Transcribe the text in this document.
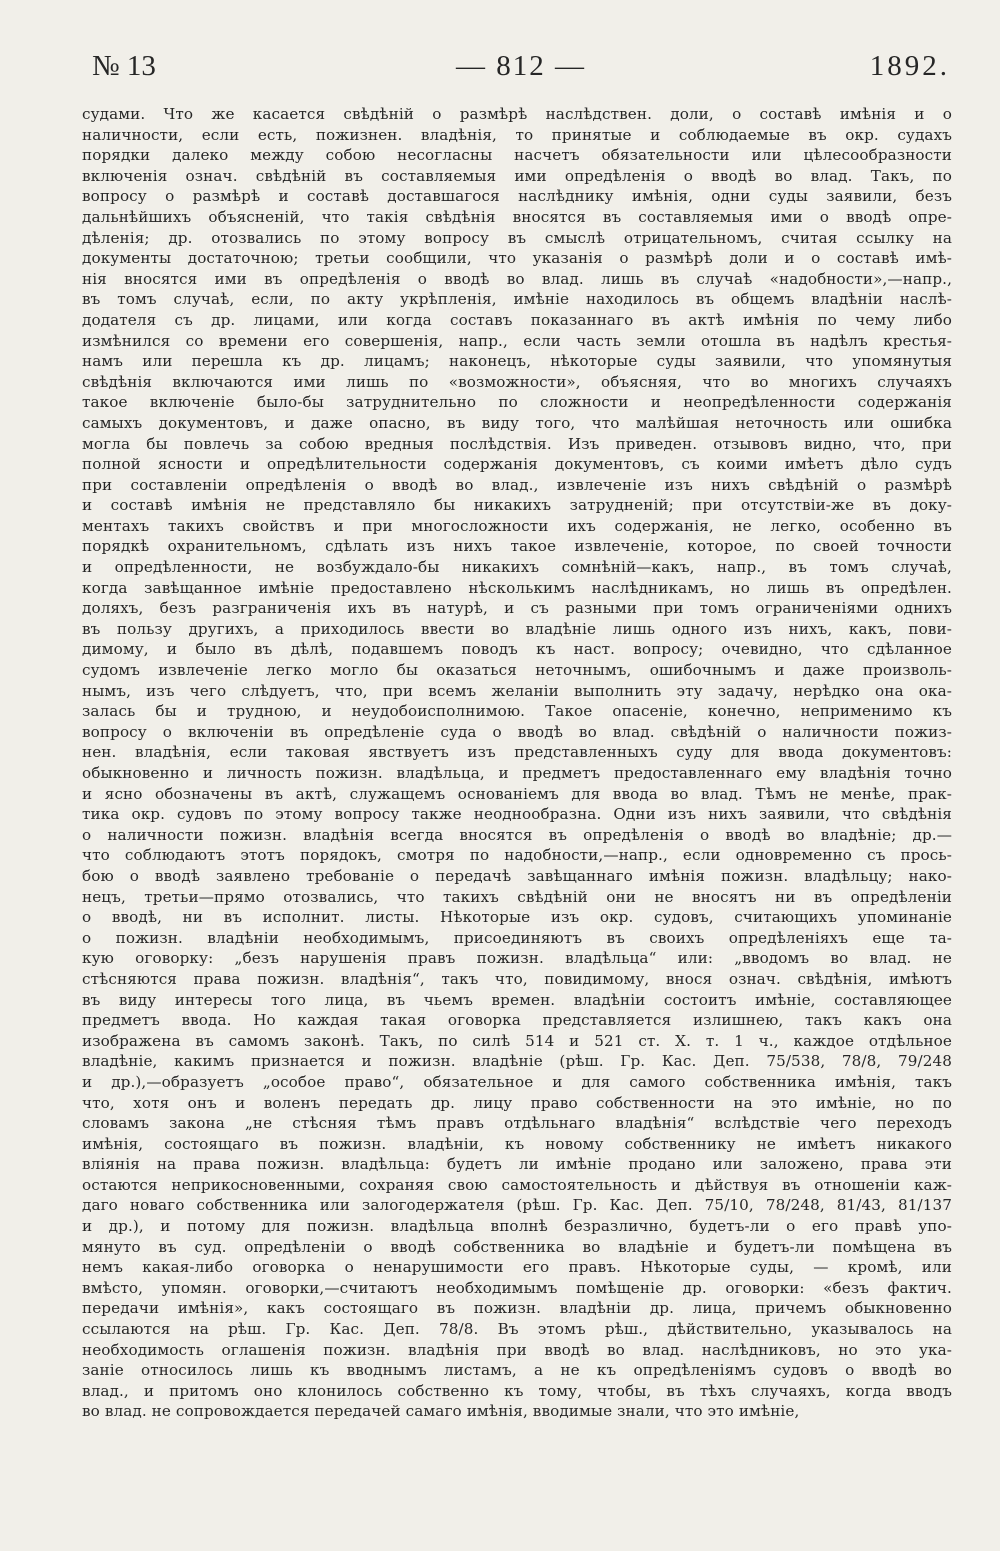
№ 13	— 812 —	1892.
судами. Что же касается свѣдѣній о размѣрѣ наслѣдствен. доли, о составѣ имѣнія и о
наличности, если есть, пожизнен. владѣнія, то принятые и соблюдаемые въ окр. судахъ
порядки далеко между собою несогласны насчетъ обязательности или цѣлесообразности
включенія означ. свѣдѣній въ составляемыя ими опредѣленія о вводѣ во влад. Такъ, по
вопросу о размѣрѣ и составѣ доставшагося наслѣднику имѣнія, одни суды заявили, безъ
дальнѣйшихъ объясненій, что такія свѣдѣнія вносятся въ составляемыя ими о вводѣ опре-
дѣленія; др. отозвались по этому вопросу въ смыслѣ отрицательномъ, считая ссылку на
документы достаточною; третьи сообщили, что указанія о размѣрѣ доли и о составѣ имѣ-
нія вносятся ими въ опредѣленія о вводѣ во влад. лишь въ случаѣ «надобности»,—напр.,
въ томъ случаѣ, если, по акту укрѣпленія, имѣніе находилось въ общемъ владѣніи наслѣ-
додателя съ др. лицами, или когда составъ показаннаго въ актѣ имѣнія по чему либо
измѣнился со времени его совершенія, напр., если часть земли отошла въ надѣлъ крестья-
намъ или перешла къ др. лицамъ; наконецъ, нѣкоторые суды заявили, что упомянутыя
свѣдѣнія включаются ими лишь по «возможности», объясняя, что во многихъ случаяхъ
такое включеніе было-бы затруднительно по сложности и неопредѣленности содержанія
самыхъ документовъ, и даже опасно, въ виду того, что малѣйшая неточность или ошибка
могла бы повлечь за собою вредныя послѣдствія. Изъ приведен. отзывовъ видно, что, при
полной ясности и опредѣлительности содержанія документовъ, съ коими имѣетъ дѣло судъ
при составленіи опредѣленія о вводѣ во влад., извлеченіе изъ нихъ свѣдѣній о размѣрѣ
и составѣ имѣнія не представляло бы никакихъ затрудненій; при отсутствіи-же въ доку-
ментахъ такихъ свойствъ и при многосложности ихъ содержанія, не легко, особенно въ
порядкѣ охранительномъ, сдѣлать изъ нихъ такое извлеченіе, которое, по своей точности
и опредѣленности, не возбуждало-бы никакихъ сомнѣній—какъ, напр., въ томъ случаѣ,
когда завѣщанное имѣніе предоставлено нѣсколькимъ наслѣдникамъ, но лишь въ опредѣлен.
доляхъ, безъ разграниченія ихъ въ натурѣ, и съ разными при томъ ограниченіями однихъ
въ пользу другихъ, а приходилось ввести во владѣніе лишь одного изъ нихъ, какъ, пови-
димому, и было въ дѣлѣ, подавшемъ поводъ къ наст. вопросу; очевидно, что сдѣланное
судомъ извлеченіе легко могло бы оказаться неточнымъ, ошибочнымъ и даже произволь-
нымъ, изъ чего слѣдуетъ, что, при всемъ желаніи выполнить эту задачу, нерѣдко она ока-
залась бы и трудною, и неудобоисполнимою. Такое опасеніе, конечно, неприменимо къ
вопросу о включеніи въ опредѣленіе суда о вводѣ во влад. свѣдѣній о наличности пожиз-
нен. владѣнія, если таковая явствуетъ изъ представленныхъ суду для ввода документовъ:
обыкновенно и личность пожизн. владѣльца, и предметъ предоставленнаго ему владѣнія точно
и ясно обозначены въ актѣ, служащемъ основаніемъ для ввода во влад. Тѣмъ не менѣе, прак-
тика окр. судовъ по этому вопросу также неоднообразна. Одни изъ нихъ заявили, что свѣдѣнія
о наличности пожизн. владѣнія всегда вносятся въ опредѣленія о вводѣ во владѣніе; др.—
что соблюдаютъ этотъ порядокъ, смотря по надобности,—напр., если одновременно съ прось-
бою о вводѣ заявлено требованіе о передачѣ завѣщаннаго имѣнія пожизн. владѣльцу; нако-
нецъ, третьи—прямо отозвались, что такихъ свѣдѣній они не вносятъ ни въ опредѣленіи
о вводѣ, ни въ исполнит. листы. Нѣкоторые изъ окр. судовъ, считающихъ упоминаніе
о пожизн. владѣніи необходимымъ, присоединяютъ въ своихъ опредѣленіяхъ еще та-
кую оговорку: „безъ нарушенія правъ пожизн. владѣльца“ или: „вводомъ во влад. не
стѣсняются права пожизн. владѣнія“, такъ что, повидимому, внося означ. свѣдѣнія, имѣютъ
въ виду интересы того лица, въ чьемъ времен. владѣніи состоитъ имѣніе, составляющее
предметъ ввода. Но каждая такая оговорка представляется излишнею, такъ какъ она
изображена въ самомъ законѣ. Такъ, по силѣ 514 и 521 ст. X. т. 1 ч., каждое отдѣльное
владѣніе, какимъ признается и пожизн. владѣніе (рѣш. Гр. Кас. Деп. 75/538, 78/8, 79/248
и др.),—образуетъ „особое право“, обязательное и для самого собственника имѣнія, такъ
что, хотя онъ и воленъ передать др. лицу право собственности на это имѣніе, но по
словамъ закона „не стѣсняя тѣмъ правъ отдѣльнаго владѣнія“ вслѣдствіе чего переходъ
имѣнія, состоящаго въ пожизн. владѣніи, къ новому собственнику не имѣетъ никакого
вліянія на права пожизн. владѣльца: будетъ ли имѣніе продано или заложено, права эти
остаются неприкосновенными, сохраняя свою самостоятельность и дѣйствуя въ отношеніи каж-
даго новаго собственника или залогодержателя (рѣш. Гр. Кас. Деп. 75/10, 78/248, 81/43, 81/137
и др.), и потому для пожизн. владѣльца вполнѣ безразлично, будетъ-ли о его правѣ упо-
мянуто въ суд. опредѣленіи о вводѣ собственника во владѣніе и будетъ-ли помѣщена въ
немъ какая-либо оговорка о ненарушимости его правъ. Нѣкоторые суды, — кромѣ, или
вмѣсто, упомян. оговорки,—считаютъ необходимымъ помѣщеніе др. оговорки: «безъ фактич.
передачи имѣнія», какъ состоящаго въ пожизн. владѣніи др. лица, причемъ обыкновенно
ссылаются на рѣш. Гр. Кас. Деп. 78/8. Въ этомъ рѣш., дѣйствительно, указывалось на
необходимость оглашенія пожизн. владѣнія при вводѣ во влад. наслѣдниковъ, но это ука-
заніе относилось лишь къ вводнымъ листамъ, а не къ опредѣленіямъ судовъ о вводѣ во
влад., и притомъ оно клонилось собственно къ тому, чтобы, въ тѣхъ случаяхъ, когда вводъ
во влад. не сопровождается передачей самаго имѣнія, вводимые знали, что это имѣніе,
